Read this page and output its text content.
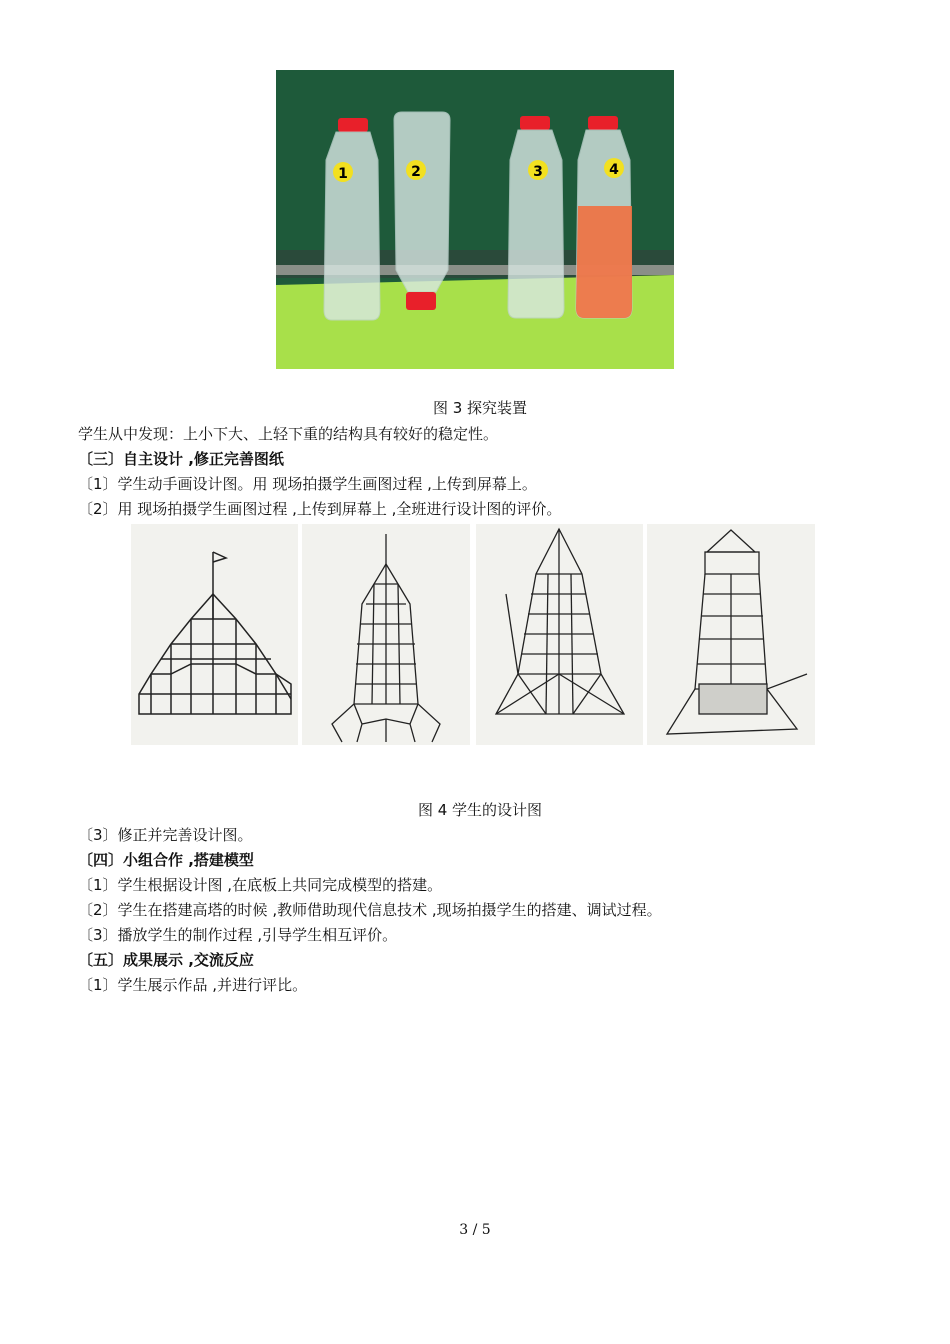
1	2	3	4
图 3 探究装置
学生从中发现：上小下大、上轻下重的结构具有较好的稳定性。
〔三〕自主设计 ,修正完善图纸
〔1〕学生动手画设计图。用 现场拍摄学生画图过程 ,上传到屏幕上。
〔2〕用 现场拍摄学生画图过程 ,上传到屏幕上 ,全班进行设计图的评价。
图 4 学生的设计图
〔3〕修正并完善设计图。
〔四〕小组合作 ,搭建模型
〔1〕学生根据设计图 ,在底板上共同完成模型的搭建。
〔2〕学生在搭建高塔的时候 ,教师借助现代信息技术 ,现场拍摄学生的搭建、调试过程。
〔3〕播放学生的制作过程 ,引导学生相互评价。
〔五〕成果展示 ,交流反应
〔1〕学生展示作品 ,并进行评比。
3 / 5
